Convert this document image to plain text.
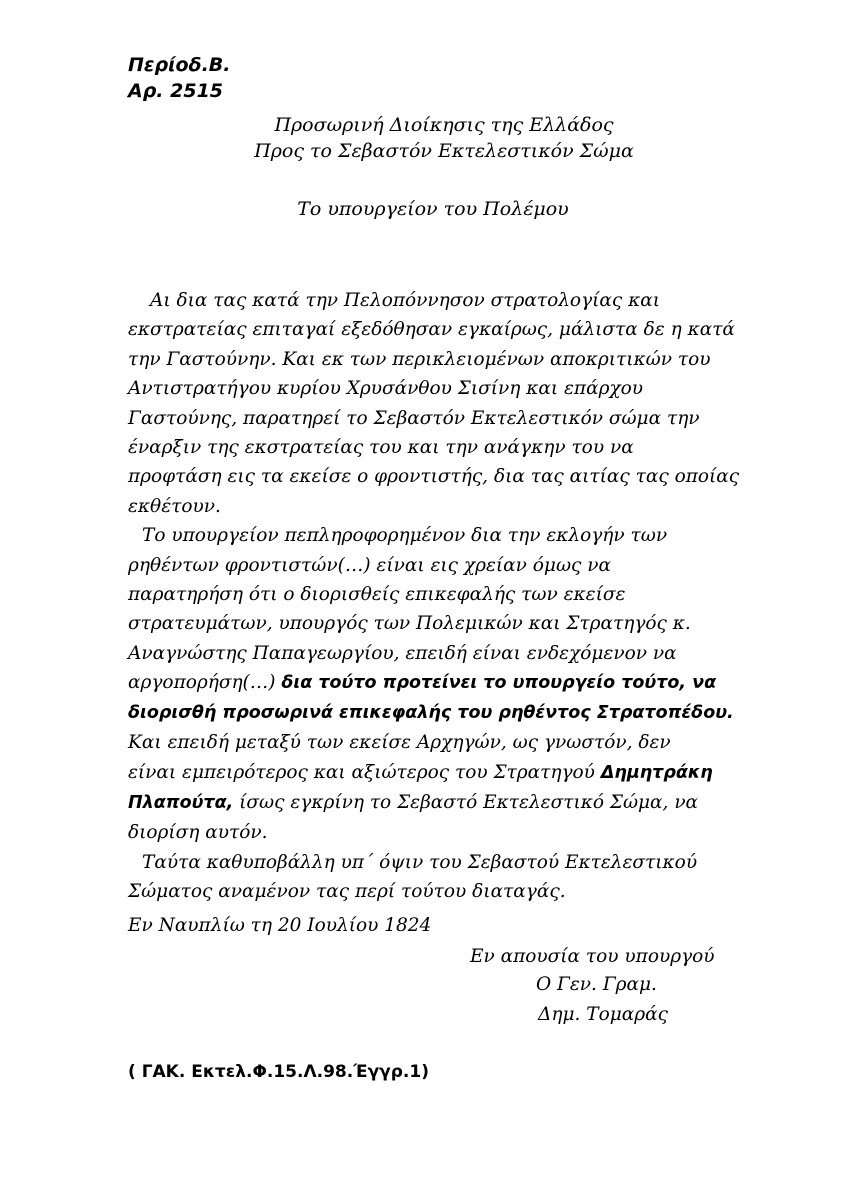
Περίοδ.Β.
Αρ. 2515
Προσωρινή Διοίκησις της Ελλάδος
Προς το Σεβαστόν Εκτελεστικόν Σώμα
Το υπουργείον του Πολέμου
Αι δια τας κατά την Πελοπόννησον στρατολογίας και
εκστρατείας επιταγαί εξεδόθησαν εγκαίρως, μάλιστα δε η κατά
την Γαστούνην. Και εκ των περικλειομένων αποκριτικών του
Αντιστρατήγου κυρίου Χρυσάνθου Σισίνη και επάρχου
Γαστούνης, παρατηρεί το Σεβαστόν Εκτελεστικόν σώμα την
έναρξιν της εκστρατείας του και την ανάγκην του να
προφτάση εις τα εκείσε ο φροντιστής, δια τας αιτίας τας οποίας
εκθέτουν.
Το υπουργείον πεπληροφορημένον δια την εκλογήν των
ρηθέντων φροντιστών(…) είναι εις χρείαν όμως να
παρατηρήση ότι ο διορισθείς επικεφαλής των εκείσε
στρατευμάτων, υπουργός των Πολεμικών και Στρατηγός κ.
Αναγνώστης Παπαγεωργίου, επειδή είναι ενδεχόμενον να
αργοπορήση(…) δια τούτο προτείνει το υπουργείο τούτο, να
διορισθή προσωρινά επικεφαλής του ρηθέντος Στρατοπέδου.
Και επειδή μεταξύ των εκείσε Αρχηγών, ως γνωστόν, δεν
είναι εμπειρότερος και αξιώτερος του Στρατηγού Δημητράκη
Πλαπούτα, ίσως εγκρίνη το Σεβαστό Εκτελεστικό Σώμα, να
διορίση αυτόν.
Ταύτα καθυποβάλλη υπ΄ όψιν του Σεβαστού Εκτελεστικού
Σώματος αναμένον τας περί τούτου διαταγάς.
Εν Ναυπλίω τη 20 Ιουλίου 1824
Εν απουσία του υπουργού
Ο Γεν. Γραμ.
Δημ. Τομαράς
( ΓΑΚ. Εκτελ.Φ.15.Λ.98.Έγγρ.1)
